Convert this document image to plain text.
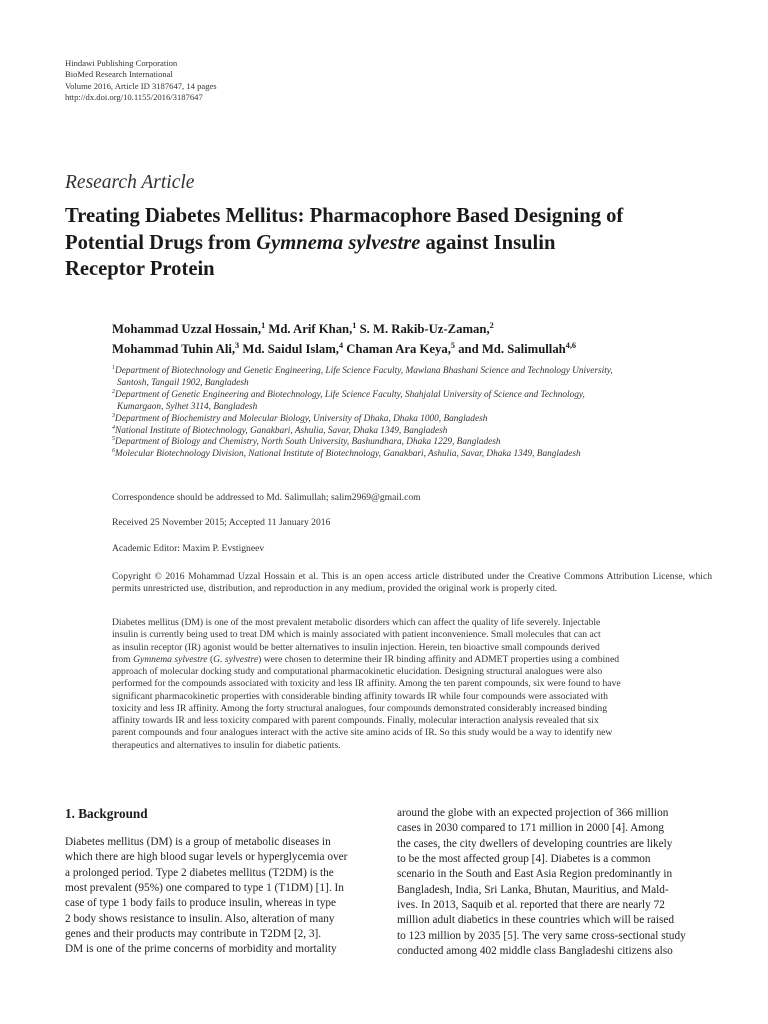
Hindawi Publishing Corporation
BioMed Research International
Volume 2016, Article ID 3187647, 14 pages
http://dx.doi.org/10.1155/2016/3187647
Research Article
Treating Diabetes Mellitus: Pharmacophore Based Designing of
Potential Drugs from Gymnema sylvestre against Insulin
Receptor Protein
Mohammad Uzzal Hossain,$^1$ Md. Arif Khan,$^1$ S. M. Rakib-Uz-Zaman,$^2$
Mohammad Tuhin Ali,$^3$ Md. Saidul Islam,$^4$ Chaman Ara Keya,$^5$ and Md. Salimullah$^{4,6}$
$^1$Department of Biotechnology and Genetic Engineering, Life Science Faculty, Mawlana Bhashani Science and Technology University,
Santosh, Tangail 1902, Bangladesh
$^2$Department of Genetic Engineering and Biotechnology, Life Science Faculty, Shahjalal University of Science and Technology,
Kumargaon, Sylhet 3114, Bangladesh
$^3$Department of Biochemistry and Molecular Biology, University of Dhaka, Dhaka 1000, Bangladesh
$^4$National Institute of Biotechnology, Ganakbari, Ashulia, Savar, Dhaka 1349, Bangladesh
$^5$Department of Biology and Chemistry, North South University, Bashundhara, Dhaka 1229, Bangladesh
$^6$Molecular Biotechnology Division, National Institute of Biotechnology, Ganakbari, Ashulia, Savar, Dhaka 1349, Bangladesh
Correspondence should be addressed to Md. Salimullah; salim2969@gmail.com
Received 25 November 2015; Accepted 11 January 2016
Academic Editor: Maxim P. Evstigneev
Copyright © 2016 Mohammad Uzzal Hossain et al. This is an open access article distributed under the Creative Commons Attribution License, which permits unrestricted use, distribution, and reproduction in any medium, provided the original work is properly cited.
Diabetes mellitus (DM) is one of the most prevalent metabolic disorders which can affect the quality of life severely. Injectable
insulin is currently being used to treat DM which is mainly associated with patient inconvenience. Small molecules that can act
as insulin receptor (IR) agonist would be better alternatives to insulin injection. Herein, ten bioactive small compounds derived
from Gymnema sylvestre (G. sylvestre) were chosen to determine their IR binding affinity and ADMET properties using a combined
approach of molecular docking study and computational pharmacokinetic elucidation. Designing structural analogues were also
performed for the compounds associated with toxicity and less IR affinity. Among the ten parent compounds, six were found to have
significant pharmacokinetic properties with considerable binding affinity towards IR while four compounds were associated with
toxicity and less IR affinity. Among the forty structural analogues, four compounds demonstrated considerably increased binding
affinity towards IR and less toxicity compared with parent compounds. Finally, molecular interaction analysis revealed that six
parent compounds and four analogues interact with the active site amino acids of IR. So this study would be a way to identify new
therapeutics and alternatives to insulin for diabetic patients.
1. Background
Diabetes mellitus (DM) is a group of metabolic diseases in
which there are high blood sugar levels or hyperglycemia over
a prolonged period. Type 2 diabetes mellitus (T2DM) is the
most prevalent (95%) one compared to type 1 (T1DM) [1]. In
case of type 1 body fails to produce insulin, whereas in type
2 body shows resistance to insulin. Also, alteration of many
genes and their products may contribute in T2DM [2, 3].
DM is one of the prime concerns of morbidity and mortality
around the globe with an expected projection of 366 million
cases in 2030 compared to 171 million in 2000 [4]. Among
the cases, the city dwellers of developing countries are likely
to be the most affected group [4]. Diabetes is a common
scenario in the South and East Asia Region predominantly in
Bangladesh, India, Sri Lanka, Bhutan, Mauritius, and Mald-
ives. In 2013, Saquib et al. reported that there are nearly 72
million adult diabetics in these countries which will be raised
to 123 million by 2035 [5]. The very same cross-sectional study
conducted among 402 middle class Bangladeshi citizens also
